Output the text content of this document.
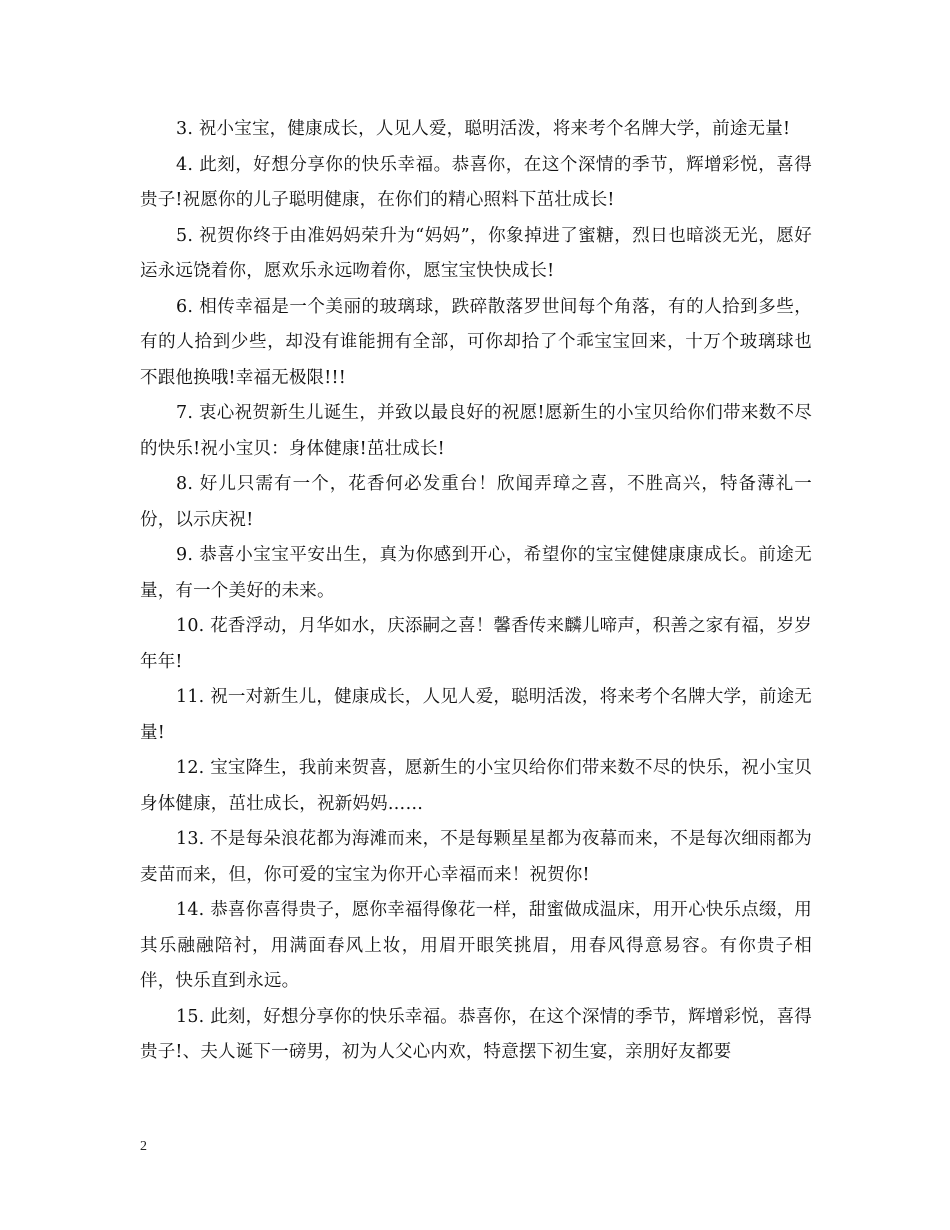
3. 祝小宝宝，健康成长，人见人爱，聪明活泼，将来考个名牌大学，前途无量!

4. 此刻，好想分享你的快乐幸福。恭喜你，在这个深情的季节，辉增彩悦，喜得贵子!祝愿你的儿子聪明健康，在你们的精心照料下茁壮成长!

5. 祝贺你终于由准妈妈荣升为“妈妈”，你象掉进了蜜糖，烈日也暗淡无光，愿好运永远饶着你，愿欢乐永远吻着你，愿宝宝快快成长!

6. 相传幸福是一个美丽的玻璃球，跌碎散落罗世间每个角落，有的人拾到多些，有的人拾到少些，却没有谁能拥有全部，可你却拾了个乖宝宝回来，十万个玻璃球也不跟他换哦!幸福无极限!!!

7. 衷心祝贺新生儿诞生，并致以最良好的祝愿!愿新生的小宝贝给你们带来数不尽的快乐!祝小宝贝：身体健康!茁壮成长!

8. 好儿只需有一个，花香何必发重台！欣闻弄璋之喜，不胜高兴，特备薄礼一份，以示庆祝!

9. 恭喜小宝宝平安出生，真为你感到开心，希望你的宝宝健健康康成长。前途无量，有一个美好的未来。

10. 花香浮动，月华如水，庆添嗣之喜！馨香传来麟儿啼声，积善之家有福，岁岁年年!

11. 祝一对新生儿，健康成长，人见人爱，聪明活泼，将来考个名牌大学，前途无量!

12. 宝宝降生，我前来贺喜，愿新生的小宝贝给你们带来数不尽的快乐，祝小宝贝身体健康，茁壮成长，祝新妈妈……

13. 不是每朵浪花都为海滩而来，不是每颗星星都为夜幕而来，不是每次细雨都为麦苗而来，但，你可爱的宝宝为你开心幸福而来！祝贺你!

14. 恭喜你喜得贵子，愿你幸福得像花一样，甜蜜做成温床，用开心快乐点缀，用其乐融融陪衬，用满面春风上妆，用眉开眼笑挑眉，用春风得意易容。有你贵子相伴，快乐直到永远。

15. 此刻，好想分享你的快乐幸福。恭喜你，在这个深情的季节，辉增彩悦，喜得贵子!、夫人诞下一磅男，初为人父心内欢，特意摆下初生宴，亲朋好友都要

2
